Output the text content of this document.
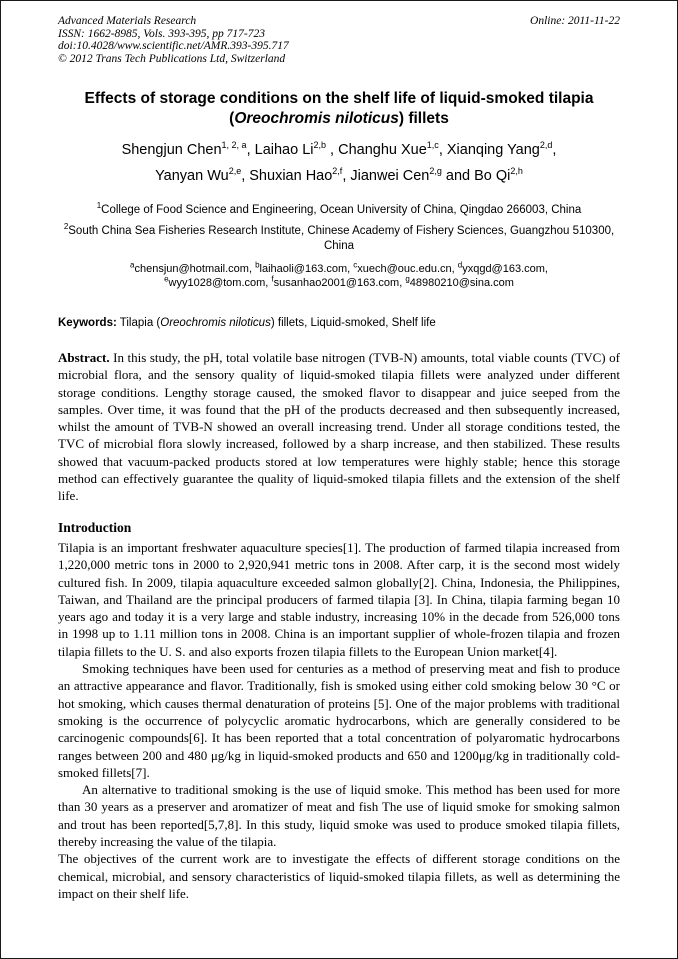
Advanced Materials Research
ISSN: 1662-8985, Vols. 393-395, pp 717-723
doi:10.4028/www.scientific.net/AMR.393-395.717
© 2012 Trans Tech Publications Ltd, Switzerland
Online: 2011-11-22
Effects of storage conditions on the shelf life of liquid-smoked tilapia
(Oreochromis niloticus) fillets
Shengjun Chen$^{1, 2, a}$, Laihao Li$^{2,b}$ , Changhu Xue$^{1,c}$, Xianqing Yang$^{2,d}$,
Yanyan Wu$^{2,e}$, Shuxian Hao$^{2,f}$, Jianwei Cen$^{2,g}$ and Bo Qi$^{2,h}$
$^1$College of Food Science and Engineering, Ocean University of China, Qingdao 266003, China
$^2$South China Sea Fisheries Research Institute, Chinese Academy of Fishery Sciences, Guangzhou 510300, China
$^a$chensjun@hotmail.com, $^b$laihaoli@163.com, $^c$xuech@ouc.edu.cn, $^d$yxqgd@163.com,
$^e$wyy1028@tom.com, $^f$susanhao2001@163.com, $^g$48980210@sina.com

Keywords: Tilapia (Oreochromis niloticus) fillets, Liquid-smoked, Shelf life

Abstract. In this study, the pH, total volatile base nitrogen (TVB-N) amounts, total viable counts (TVC) of microbial flora, and the sensory quality of liquid-smoked tilapia fillets were analyzed under different storage conditions. Lengthy storage caused, the smoked flavor to disappear and juice seeped from the samples. Over time, it was found that the pH of the products decreased and then subsequently increased, whilst the amount of TVB-N showed an overall increasing trend. Under all storage conditions tested, the TVC of microbial flora slowly increased, followed by a sharp increase, and then stabilized. These results showed that vacuum-packed products stored at low temperatures were highly stable; hence this storage method can effectively guarantee the quality of liquid-smoked tilapia fillets and the extension of the shelf life.

Introduction

Tilapia is an important freshwater aquaculture species[1]. The production of farmed tilapia increased from 1,220,000 metric tons in 2000 to 2,920,941 metric tons in 2008. After carp, it is the second most widely cultured fish. In 2009, tilapia aquaculture exceeded salmon globally[2]. China, Indonesia, the Philippines, Taiwan, and Thailand are the principal producers of farmed tilapia [3]. In China, tilapia farming began 10 years ago and today it is a very large and stable industry, increasing 10% in the decade from 526,000 tons in 1998 up to 1.11 million tons in 2008. China is an important supplier of whole-frozen tilapia and frozen tilapia fillets to the U. S. and also exports frozen tilapia fillets to the European Union market[4].

Smoking techniques have been used for centuries as a method of preserving meat and fish to produce an attractive appearance and flavor. Traditionally, fish is smoked using either cold smoking below 30 °C or hot smoking, which causes thermal denaturation of proteins [5]. One of the major problems with traditional smoking is the occurrence of polycyclic aromatic hydrocarbons, which are generally considered to be carcinogenic compounds[6]. It has been reported that a total concentration of polyaromatic hydrocarbons ranges between 200 and 480 μg/kg in liquid-smoked products and 650 and 1200μg/kg in traditionally cold-smoked fillets[7].

An alternative to traditional smoking is the use of liquid smoke. This method has been used for more than 30 years as a preserver and aromatizer of meat and fish The use of liquid smoke for smoking salmon and trout has been reported[5,7,8]. In this study, liquid smoke was used to produce smoked tilapia fillets, thereby increasing the value of the tilapia.

The objectives of the current work are to investigate the effects of different storage conditions on the chemical, microbial, and sensory characteristics of liquid-smoked tilapia fillets, as well as determining the impact on their shelf life.
